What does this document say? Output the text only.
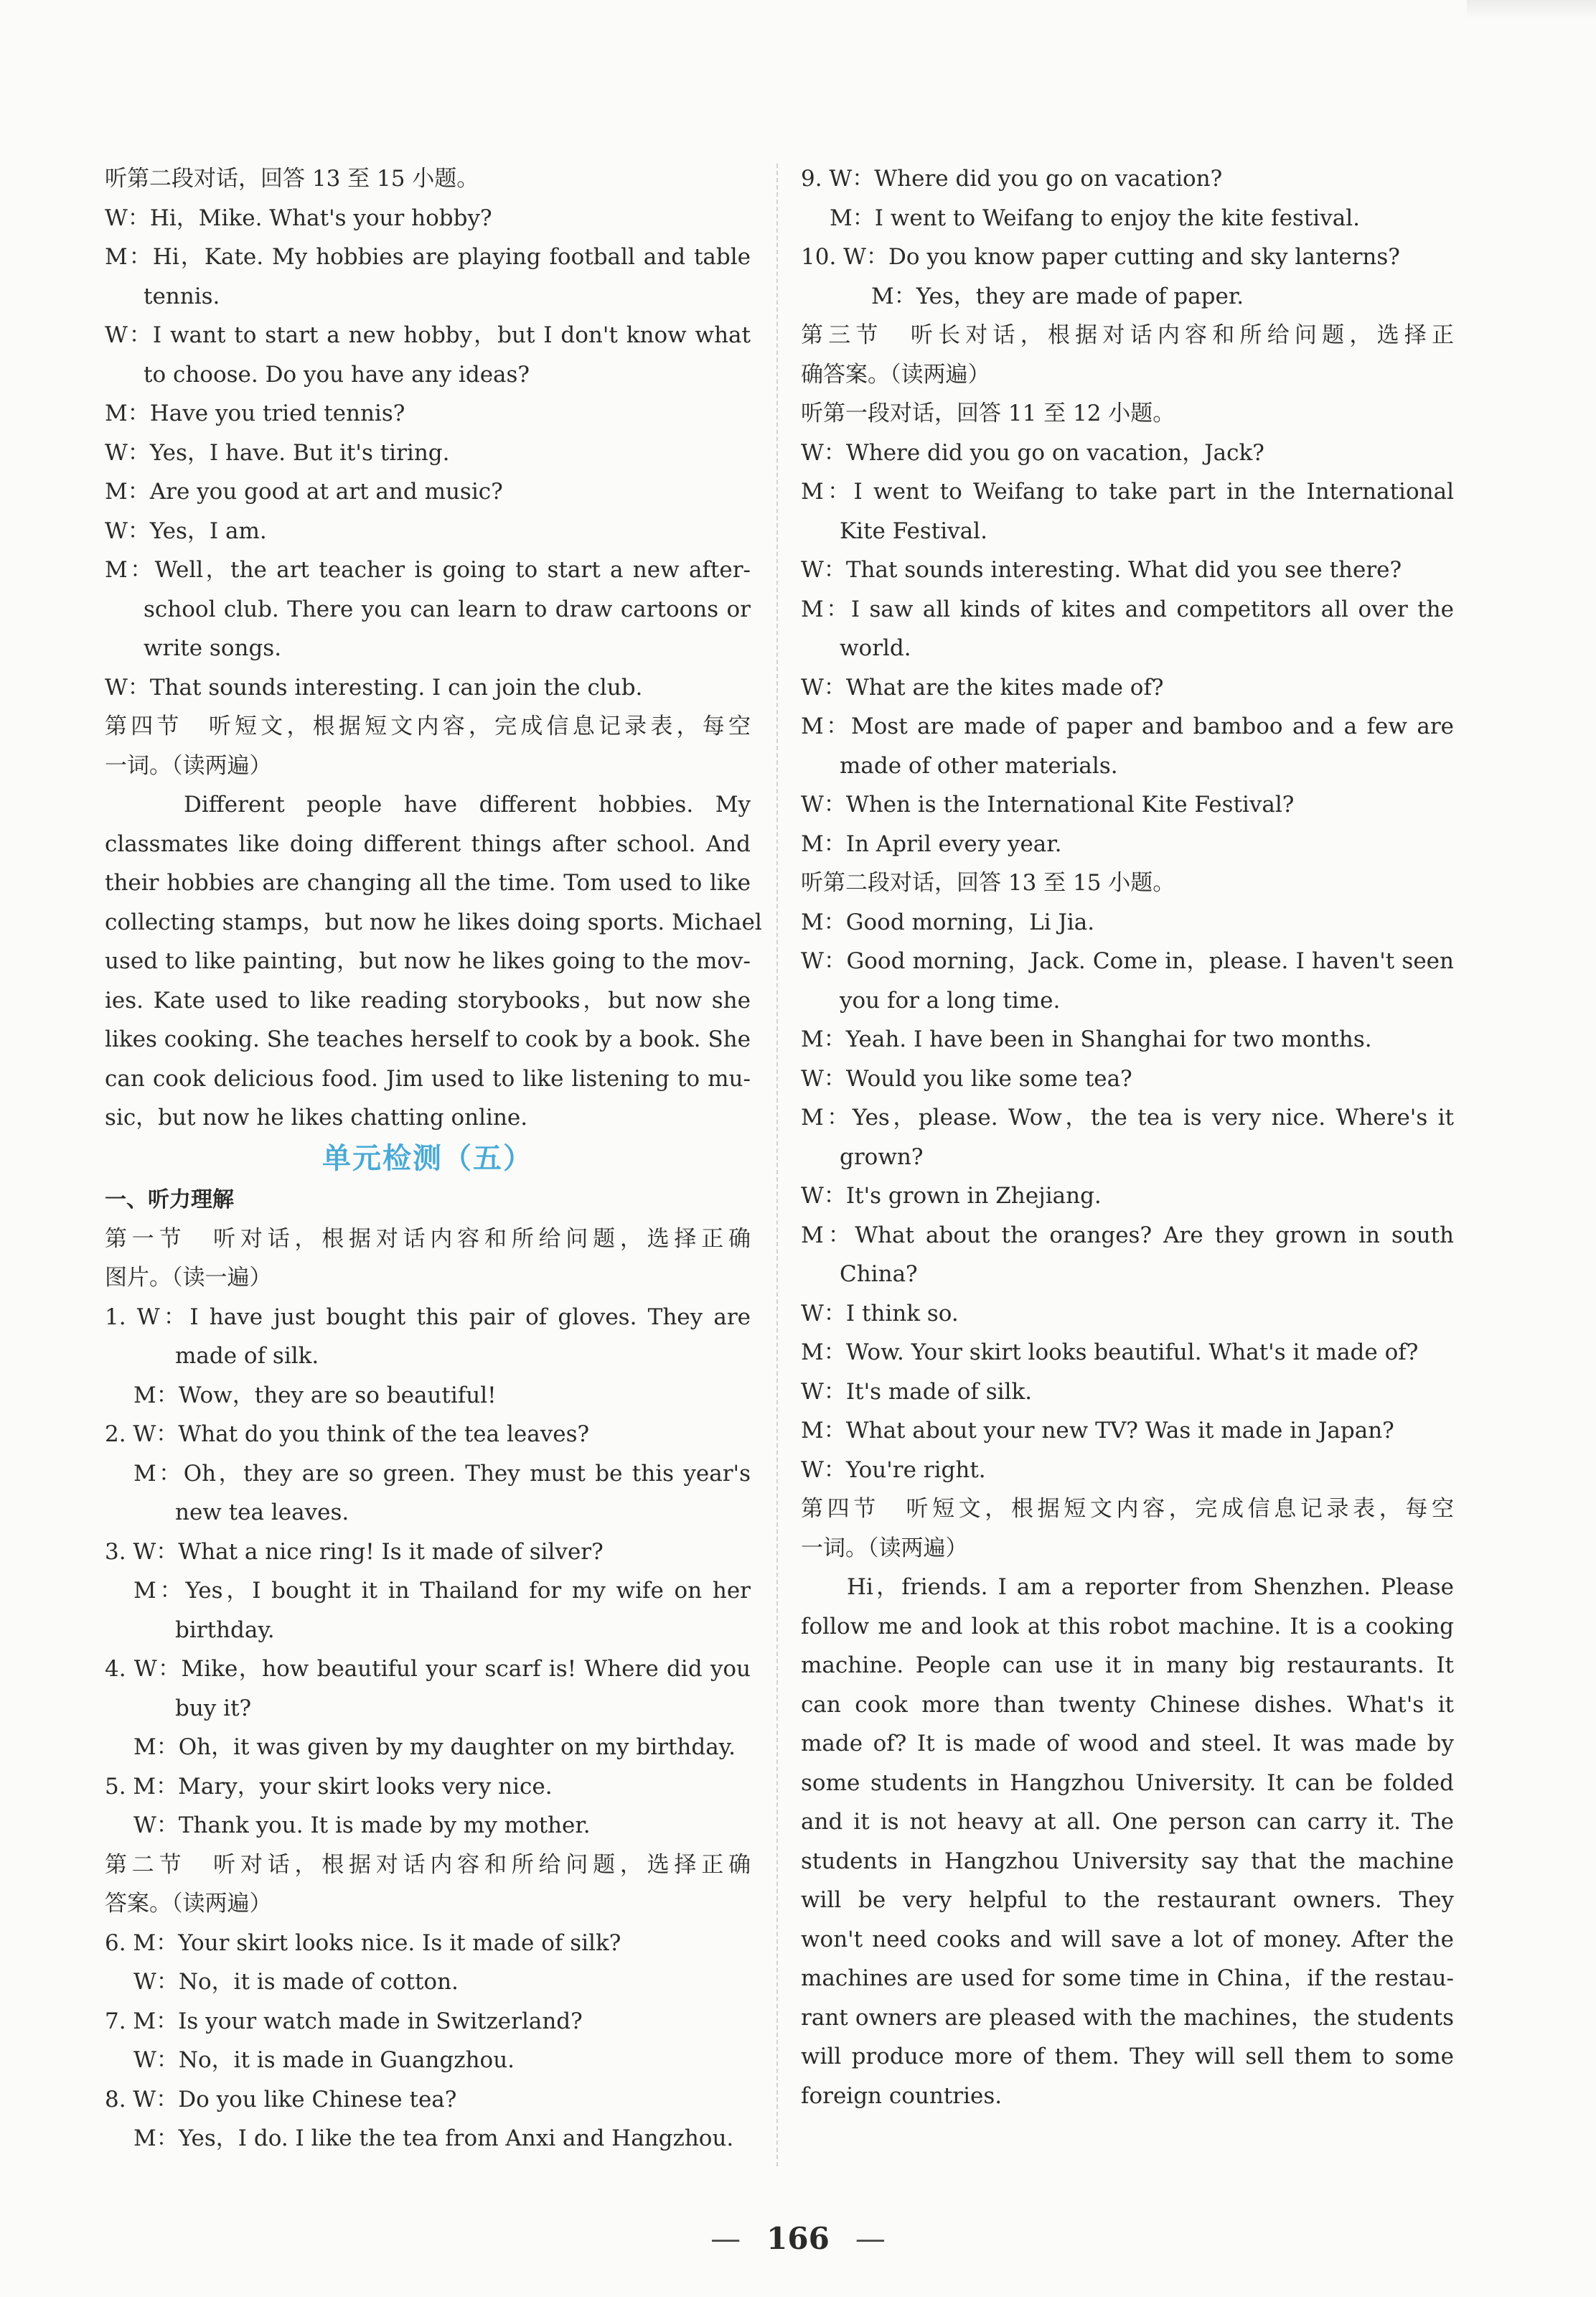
听第二段对话，回答 13 至 15 小题。
W：Hi，Mike. What's your hobby?
M：Hi，Kate. My hobbies are playing football and table
tennis.
W：I want to start a new hobby，but I don't know what
to choose. Do you have any ideas?
M：Have you tried tennis?
W：Yes，I have. But it's tiring.
M：Are you good at art and music?
W：Yes，I am.
M：Well，the art teacher is going to start a new after-
school club. There you can learn to draw cartoons or
write songs.
W：That sounds interesting. I can join the club.
第四节　听短文，根据短文内容，完成信息记录表，每空
一词。（读两遍）
Different people have different hobbies. My
classmates like doing different things after school. And
their hobbies are changing all the time. Tom used to like
collecting stamps，but now he likes doing sports. Michael
used to like painting，but now he likes going to the mov-
ies. Kate used to like reading storybooks，but now she
likes cooking. She teaches herself to cook by a book. She
can cook delicious food. Jim used to like listening to mu-
sic，but now he likes chatting online.
单元检测（五）
一、听力理解
第一节　听对话，根据对话内容和所给问题，选择正确
图片。（读一遍）
1. W：I have just bought this pair of gloves. They are
made of silk.
M：Wow，they are so beautiful!
2. W：What do you think of the tea leaves?
M：Oh，they are so green. They must be this year's
new tea leaves.
3. W：What a nice ring! Is it made of silver?
M：Yes，I bought it in Thailand for my wife on her
birthday.
4. W：Mike，how beautiful your scarf is! Where did you
buy it?
M：Oh，it was given by my daughter on my birthday.
5. M：Mary，your skirt looks very nice.
W：Thank you. It is made by my mother.
第二节　听对话，根据对话内容和所给问题，选择正确
答案。（读两遍）
6. M：Your skirt looks nice. Is it made of silk?
W：No，it is made of cotton.
7. M：Is your watch made in Switzerland?
W：No，it is made in Guangzhou.
8. W：Do you like Chinese tea?
M：Yes，I do. I like the tea from Anxi and Hangzhou.
9. W：Where did you go on vacation?
M：I went to Weifang to enjoy the kite festival.
10. W：Do you know paper cutting and sky lanterns?
M：Yes，they are made of paper.
第三节　听长对话，根据对话内容和所给问题，选择正
确答案。（读两遍）
听第一段对话，回答 11 至 12 小题。
W：Where did you go on vacation，Jack?
M：I went to Weifang to take part in the International
Kite Festival.
W：That sounds interesting. What did you see there?
M：I saw all kinds of kites and competitors all over the
world.
W：What are the kites made of?
M：Most are made of paper and bamboo and a few are
made of other materials.
W：When is the International Kite Festival?
M：In April every year.
听第二段对话，回答 13 至 15 小题。
M：Good morning，Li Jia.
W：Good morning，Jack. Come in，please. I haven't seen
you for a long time.
M：Yeah. I have been in Shanghai for two months.
W：Would you like some tea?
M：Yes，please. Wow，the tea is very nice. Where's it
grown?
W：It's grown in Zhejiang.
M：What about the oranges? Are they grown in south
China?
W：I think so.
M：Wow. Your skirt looks beautiful. What's it made of?
W：It's made of silk.
M：What about your new TV? Was it made in Japan?
W：You're right.
第四节　听短文，根据短文内容，完成信息记录表，每空
一词。（读两遍）
Hi，friends. I am a reporter from Shenzhen. Please
follow me and look at this robot machine. It is a cooking
machine. People can use it in many big restaurants. It
can cook more than twenty Chinese dishes. What's it
made of? It is made of wood and steel. It was made by
some students in Hangzhou University. It can be folded
and it is not heavy at all. One person can carry it. The
students in Hangzhou University say that the machine
will be very helpful to the restaurant owners. They
won't need cooks and will save a lot of money. After the
machines are used for some time in China，if the restau-
rant owners are pleased with the machines，the students
will produce more of them. They will sell them to some
foreign countries.
— 166 —
